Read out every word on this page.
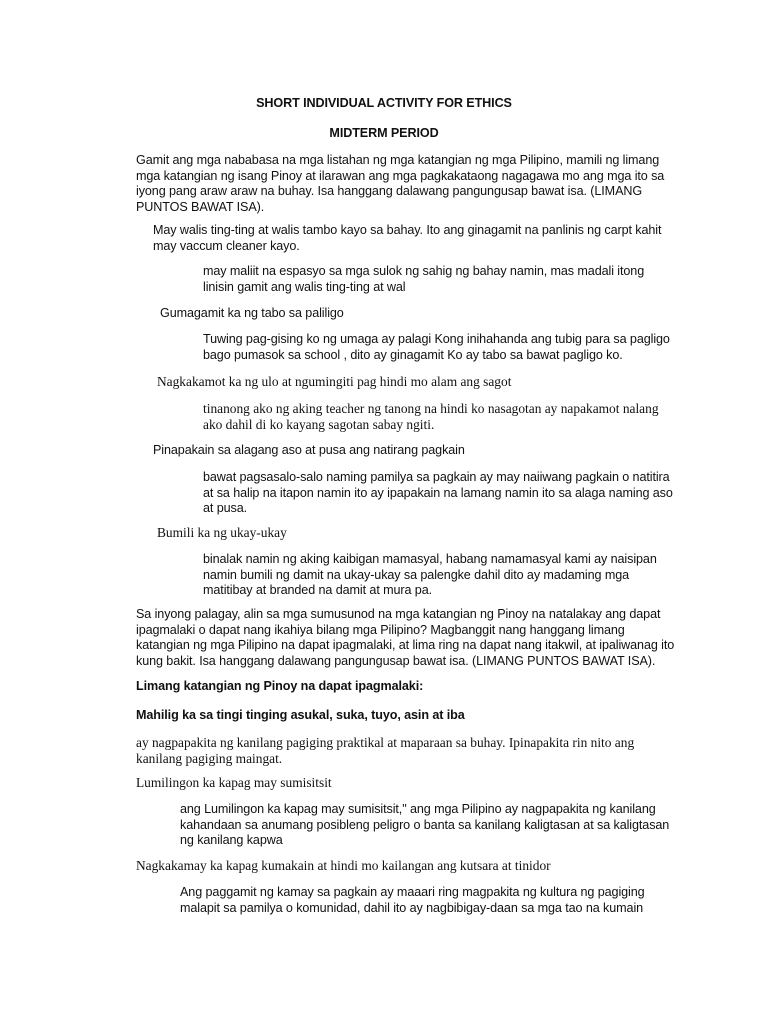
SHORT INDIVIDUAL ACTIVITY FOR ETHICS

MIDTERM PERIOD

Gamit ang mga nababasa na mga listahan ng mga katangian ng mga Pilipino, mamili ng limang mga katangian ng isang Pinoy at ilarawan ang mga pagkakataong nagagawa mo ang mga ito sa iyong pang araw araw na buhay. Isa hanggang dalawang pangungusap bawat isa. (LIMANG PUNTOS BAWAT ISA).

May walis ting-ting at walis tambo kayo sa bahay. Ito ang ginagamit na panlinis ng carpt kahit may vaccum cleaner kayo.

may maliit na espasyo sa mga sulok ng sahig ng bahay namin, mas madali itong linisin gamit ang walis ting-ting at wal

Gumagamit ka ng tabo sa paliligo

Tuwing pag-gising ko ng umaga ay palagi Kong inihahanda ang tubig para sa pagligo bago pumasok sa school , dito ay ginagamit Ko ay tabo sa bawat pagligo ko.

Nagkakamot ka ng ulo at ngumingiti pag hindi mo alam ang sagot

tinanong ako ng aking teacher ng tanong na hindi ko nasagotan ay napakamot nalang ako dahil di ko kayang sagotan sabay ngiti.

Pinapakain sa alagang aso at pusa ang natirang pagkain

bawat pagsasalo-salo naming pamilya sa pagkain ay may naiiwang pagkain o natitira at sa halip na itapon namin ito ay ipapakain na lamang namin ito sa alaga naming aso at pusa.

Bumili ka ng ukay-ukay

binalak namin ng aking kaibigan mamasyal, habang namamasyal kami ay naisipan namin bumili ng damit na ukay-ukay sa palengke dahil dito ay madaming mga matitibay at branded na damit at mura pa.

Sa inyong palagay, alin sa mga sumusunod na mga katangian ng Pinoy na natalakay ang dapat ipagmalaki o dapat nang ikahiya bilang mga Pilipino? Magbanggit nang hanggang limang katangian ng mga Pilipino na dapat ipagmalaki, at lima ring na dapat nang itakwil, at ipaliwanag ito kung bakit. Isa hanggang dalawang pangungusap bawat isa. (LIMANG PUNTOS BAWAT ISA).

Limang katangian ng Pinoy na dapat ipagmalaki:

Mahilig ka sa tingi tinging asukal, suka, tuyo, asin at iba

ay nagpapakita ng kanilang pagiging praktikal at maparaan sa buhay. Ipinapakita rin nito ang kanilang pagiging maingat.

Lumilingon ka kapag may sumisitsit

ang Lumilingon ka kapag may sumisitsit," ang mga Pilipino ay nagpapakita ng kanilang kahandaan sa anumang posibleng peligro o banta sa kanilang kaligtasan at sa kaligtasan ng kanilang kapwa

Nagkakamay ka kapag kumakain at hindi mo kailangan ang kutsara at tinidor

Ang paggamit ng kamay sa pagkain ay maaari ring magpakita ng kultura ng pagiging malapit sa pamilya o komunidad, dahil ito ay nagbibigay-daan sa mga tao na kumain
